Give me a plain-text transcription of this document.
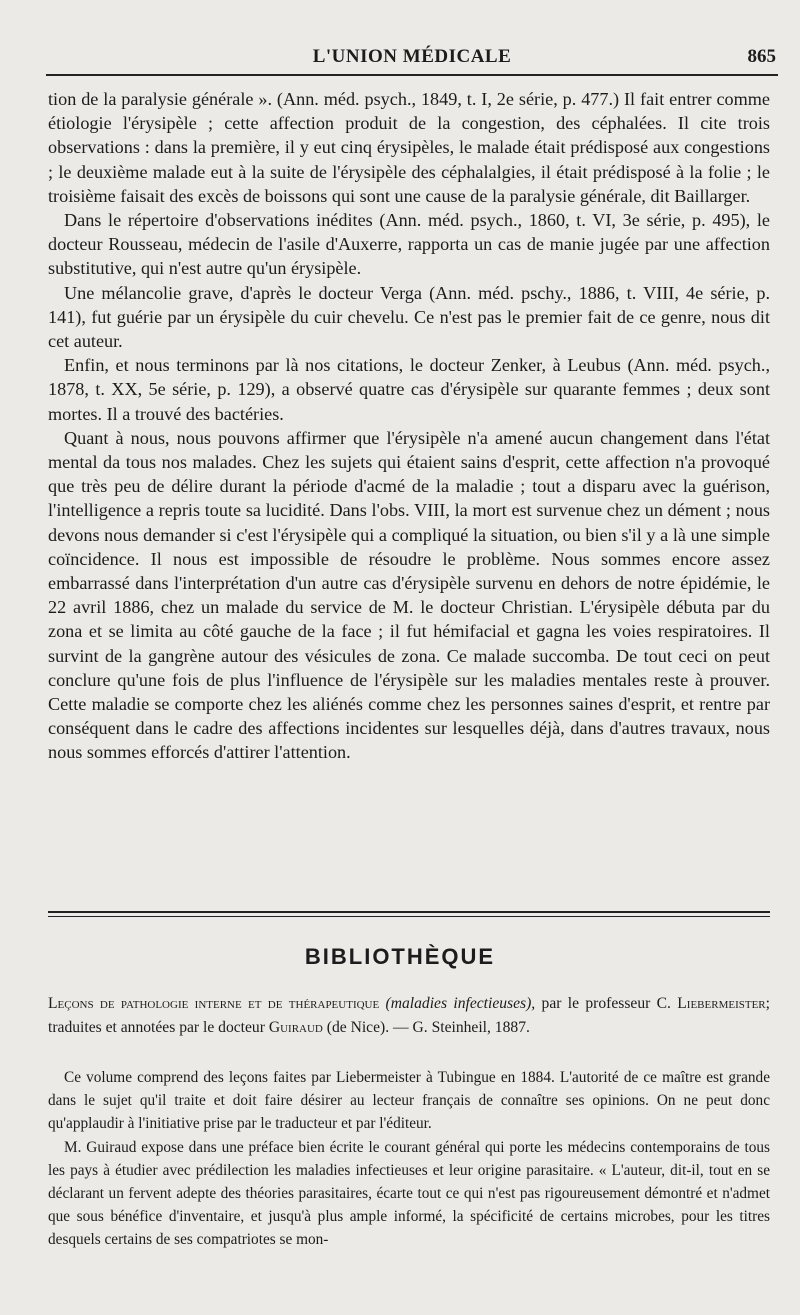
L'UNION MÉDICALE	865

tion de la paralysie générale ». (Ann. méd. psych., 1849, t. I, 2e série, p. 477.) Il fait entrer comme étiologie l'érysipèle ; cette affection produit de la congestion, des céphalées. Il cite trois observations : dans la première, il y eut cinq érysipèles, le malade était prédisposé aux congestions ; le deuxième malade eut à la suite de l'érysipèle des céphalalgies, il était prédisposé à la folie ; le troisième faisait des excès de boissons qui sont une cause de la paralysie générale, dit Baillarger.

Dans le répertoire d'observations inédites (Ann. méd. psych., 1860, t. VI, 3e série, p. 495), le docteur Rousseau, médecin de l'asile d'Auxerre, rapporta un cas de manie jugée par une affection substitutive, qui n'est autre qu'un érysipèle.

Une mélancolie grave, d'après le docteur Verga (Ann. méd. pschy., 1886, t. VIII, 4e série, p. 141), fut guérie par un érysipèle du cuir chevelu. Ce n'est pas le premier fait de ce genre, nous dit cet auteur.

Enfin, et nous terminons par là nos citations, le docteur Zenker, à Leubus (Ann. méd. psych., 1878, t. XX, 5e série, p. 129), a observé quatre cas d'érysipèle sur quarante femmes ; deux sont mortes. Il a trouvé des bactéries.

Quant à nous, nous pouvons affirmer que l'érysipèle n'a amené aucun changement dans l'état mental da tous nos malades. Chez les sujets qui étaient sains d'esprit, cette affection n'a provoqué que très peu de délire durant la période d'acmé de la maladie ; tout a disparu avec la guérison, l'intelligence a repris toute sa lucidité. Dans l'obs. VIII, la mort est survenue chez un dément ; nous devons nous demander si c'est l'érysipèle qui a compliqué la situation, ou bien s'il y a là une simple coïncidence. Il nous est impossible de résoudre le problème. Nous sommes encore assez embarrassé dans l'interprétation d'un autre cas d'érysipèle survenu en dehors de notre épidémie, le 22 avril 1886, chez un malade du service de M. le docteur Christian. L'érysipèle débuta par du zona et se limita au côté gauche de la face ; il fut hémifacial et gagna les voies respiratoires. Il survint de la gangrène autour des vésicules de zona. Ce malade succomba. De tout ceci on peut conclure qu'une fois de plus l'influence de l'érysipèle sur les maladies mentales reste à prouver. Cette maladie se comporte chez les aliénés comme chez les personnes saines d'esprit, et rentre par conséquent dans le cadre des affections incidentes sur lesquelles déjà, dans d'autres travaux, nous nous sommes efforcés d'attirer l'attention.

BIBLIOTHÈQUE
Leçons de pathologie interne et de thérapeutique (maladies infectieuses), par le professeur C. Liebermeister; traduites et annotées par le docteur Guiraud (de Nice). — G. Steinheil, 1887.

Ce volume comprend des leçons faites par Liebermeister à Tubingue en 1884. L'autorité de ce maître est grande dans le sujet qu'il traite et doit faire désirer au lecteur français de connaître ses opinions. On ne peut donc qu'applaudir à l'initiative prise par le traducteur et par l'éditeur.

M. Guiraud expose dans une préface bien écrite le courant général qui porte les médecins contemporains de tous les pays à étudier avec prédilection les maladies infectieuses et leur origine parasitaire. « L'auteur, dit-il, tout en se déclarant un fervent adepte des théories parasitaires, écarte tout ce qui n'est pas rigoureusement démontré et n'admet que sous bénéfice d'inventaire, et jusqu'à plus ample informé, la spécificité de certains microbes, pour les titres desquels certains de ses compatriotes se mon-
